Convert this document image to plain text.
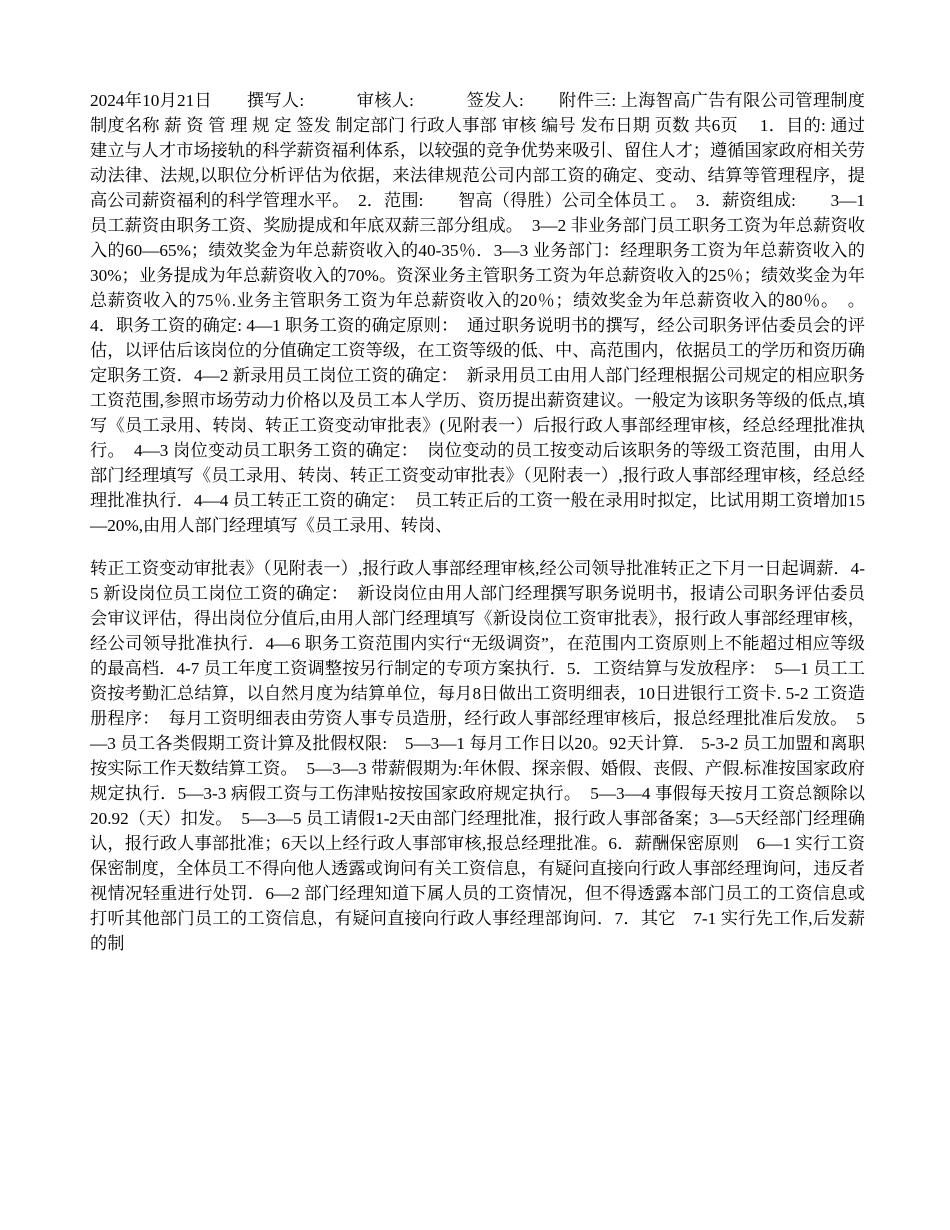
2024年10月21日　　撰写人:　　　审核人:　　　签发人:　　附件三: 上海智高广告有限公司管理制度　　制度名称 薪 资 管 理 规 定 签发 制定部门 行政人事部 审核 编号 发布日期 页数 共6页　 1．目的: 通过建立与人才市场接轨的科学薪资福利体系，以较强的竞争优势来吸引、留住人才；遵循国家政府相关劳动法律、法规,以职位分析评估为依据，来法律规范公司内部工资的确定、变动、结算等管理程序，提高公司薪资福利的科学管理水平。　2．范围:　　智高（得胜）公司全体员工 。　3．薪资组成:　　3—1 员工薪资由职务工资、奖励提成和年底双薪三部分组成。　3—2 非业务部门员工职务工资为年总薪资收入的60—65%；绩效奖金为年总薪资收入的40-35％．3—3 业务部门：经理职务工资为年总薪资收入的30%；业务提成为年总薪资收入的70%。资深业务主管职务工资为年总薪资收入的25％；绩效奖金为年总薪资收入的75％.业务主管职务工资为年总薪资收入的20％；绩效奖金为年总薪资收入的80％。　。 4．职务工资的确定: 4—1 职务工资的确定原则：　通过职务说明书的撰写，经公司职务评估委员会的评估，以评估后该岗位的分值确定工资等级，在工资等级的低、中、高范围内，依据员工的学历和资历确定职务工资．4—2 新录用员工岗位工资的确定：　新录用员工由用人部门经理根据公司规定的相应职务工资范围,参照市场劳动力价格以及员工本人学历、资历提出薪资建议。一般定为该职务等级的低点,填写《员工录用、转岗、转正工资变动审批表》(见附表一）后报行政人事部经理审核，经总经理批准执行。　4—3 岗位变动员工职务工资的确定：　岗位变动的员工按变动后该职务的等级工资范围，由用人部门经理填写《员工录用、转岗、转正工资变动审批表》（见附表一）,报行政人事部经理审核，经总经理批准执行．4—4 员工转正工资的确定：　员工转正后的工资一般在录用时拟定，比试用期工资增加15—20%,由用人部门经理填写《员工录用、转岗、

转正工资变动审批表》（见附表一）,报行政人事部经理审核,经公司领导批准转正之下月一日起调薪．4-5 新设岗位员工岗位工资的确定：　新设岗位由用人部门经理撰写职务说明书，报请公司职务评估委员会审议评估，得出岗位分值后,由用人部门经理填写《新设岗位工资审批表》，报行政人事部经理审核，经公司领导批准执行．4—6 职务工资范围内实行“无级调资”，在范围内工资原则上不能超过相应等级的最高档．4-7 员工年度工资调整按另行制定的专项方案执行．5．工资结算与发放程序：　5—1 员工工资按考勤汇总结算，以自然月度为结算单位，每月8日做出工资明细表，10日进银行工资卡. 5-2 工资造册程序：　每月工资明细表由劳资人事专员造册，经行政人事部经理审核后，报总经理批准后发放。　5—3 员工各类假期工资计算及批假权限:　5—3—1 每月工作日以20。92天计算.　5-3-2 员工加盟和离职按实际工作天数结算工资。　5—3—3 带薪假期为:年休假、探亲假、婚假、丧假、产假.标准按国家政府规定执行．5—3-3 病假工资与工伤津贴按按国家政府规定执行。　5—3—4 事假每天按月工资总额除以20.92（天）扣发。　5—3—5 员工请假1-2天由部门经理批准，报行政人事部备案；3—5天经部门经理确认，报行政人事部批准；6天以上经行政人事部审核,报总经理批准。6．薪酬保密原则　6—1 实行工资保密制度，全体员工不得向他人透露或询问有关工资信息，有疑问直接向行政人事部经理询问，违反者视情况轻重进行处罚．6—2 部门经理知道下属人员的工资情况，但不得透露本部门员工的工资信息或打听其他部门员工的工资信息，有疑问直接向行政人事经理部询问．7．其它　7-1 实行先工作,后发薪的制
